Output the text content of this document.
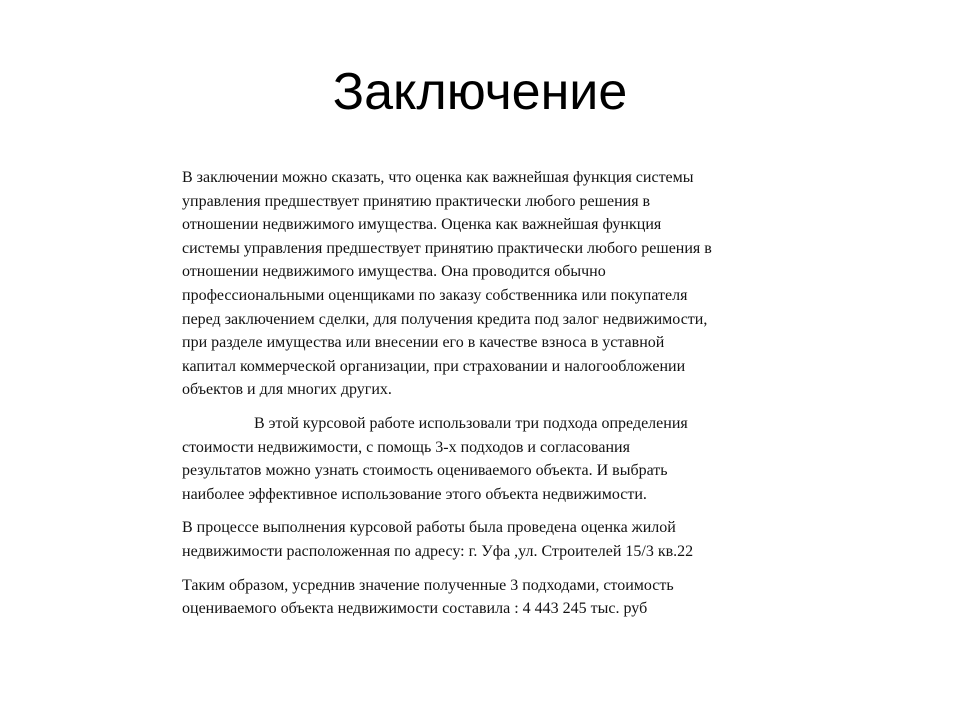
Заключение

В заключении можно сказать, что оценка как важнейшая функция системы
управления предшествует принятию практически любого решения в
отношении недвижимого имущества. Оценка как важнейшая функция
системы управления предшествует принятию практически любого решения в
отношении недвижимого имущества. Она проводится обычно
профессиональными оценщиками по заказу собственника или покупателя
перед заключением сделки, для получения кредита под залог недвижимости,
при разделе имущества или внесении его в качестве взноса в уставной
капитал коммерческой организации, при страховании и налогообложении
объектов и для многих других.

В этой курсовой работе использовали три подхода определения
стоимости недвижимости, с помощь 3-х подходов и согласования
результатов можно узнать стоимость оцениваемого объекта. И выбрать
наиболее эффективное использование этого объекта недвижимости.

В процессе выполнения курсовой работы была проведена оценка жилой
недвижимости расположенная по адресу: г. Уфа ,ул. Строителей 15/3 кв.22

Таким образом, усреднив значение полученные 3 подходами, стоимость
оцениваемого объекта недвижимости составила : 4 443 245 тыс. руб
